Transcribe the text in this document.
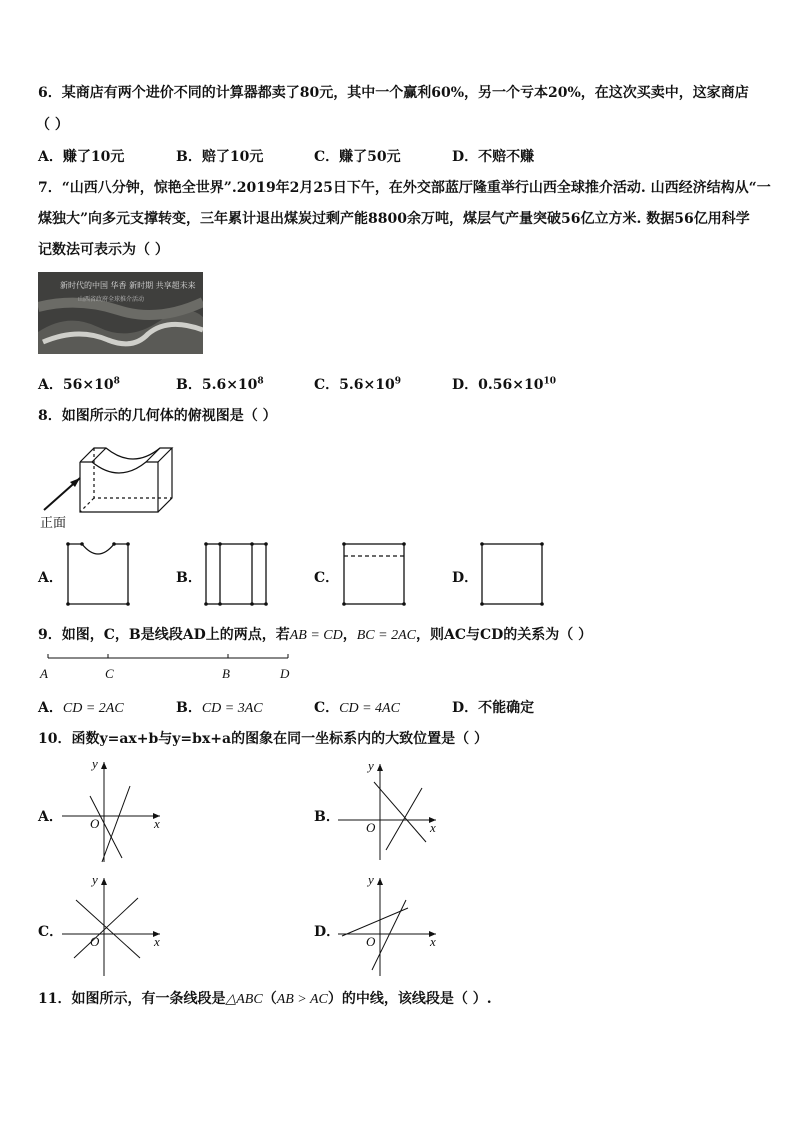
6．某商店有两个进价不同的计算器都卖了80元，其中一个赢利60%，另一个亏本20%，在这次买卖中，这家商店
（ ）
A．赚了10元	B．赔了10元	C．赚了50元	D．不赔不赚
7．“山西八分钟，惊艳全世界”.2019年2月25日下午，在外交部蓝厅隆重举行山西全球推介活动. 山西经济结构从“一
煤独大”向多元支撑转变，三年累计退出煤炭过剩产能8800余万吨，煤层气产量突破56亿立方米. 数据56亿用科学
记数法可表示为（ ）
新时代的中国 华香 新时期 共享超未来
山西省政府全球推介活动
A．$56\times 10^8$	B．$5.6\times 10^8$	C．$5.6\times 10^9$	D．$0.56\times 10^{10}$
8．如图所示的几何体的俯视图是（ ）
正面
A．	B．	C．	D．
9．如图，C，B是线段AD上的两点，若AB = CD，BC = 2AC，则AC与CD的关系为（ ）
A	C	B	D
A．CD = 2AC	B．CD = 3AC	C．CD = 4AC	D．不能确定
10．函数y=ax+b与y=bx+a的图象在同一坐标系内的大致位置是（ ）
A．
y
x
O	B．
y
x
O
C．
y
x
O
D．
y
x
O
11．如图所示，有一条线段是△ABC（AB > AC）的中线，该线段是（ ）.
